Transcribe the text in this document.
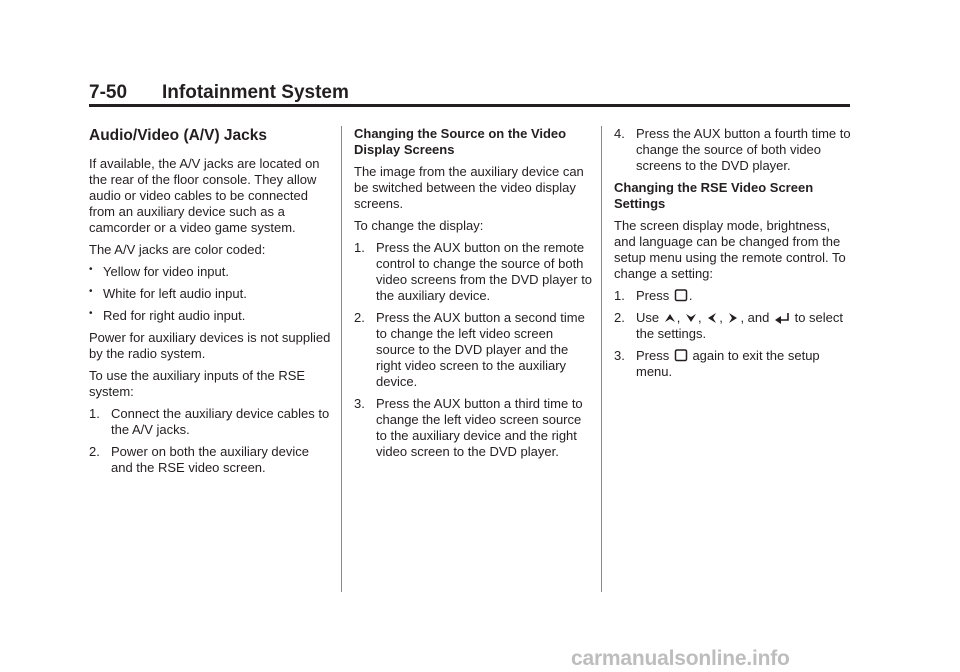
7-50 Infotainment System
Audio/Video (A/V) Jacks

If available, the A/V jacks are located on the rear of the floor console. They allow audio or video cables to be connected from an auxiliary device such as a camcorder or a video game system.

The A/V jacks are color coded:

• Yellow for video input.
• White for left audio input.
• Red for right audio input.

Power for auxiliary devices is not supplied by the radio system.

To use the auxiliary inputs of the RSE system:

1. Connect the auxiliary device cables to the A/V jacks.
2. Power on both the auxiliary device and the RSE video screen.

Changing the Source on the Video Display Screens

The image from the auxiliary device can be switched between the video display screens.

To change the display:

1. Press the AUX button on the remote control to change the source of both video screens from the DVD player to the auxiliary device.
2. Press the AUX button a second time to change the left video screen source to the DVD player and the right video screen to the auxiliary device.
3. Press the AUX button a third time to change the left video screen source to the auxiliary device and the right video screen to the DVD player.
4. Press the AUX button a fourth time to change the source of both video screens to the DVD player.

Changing the RSE Video Screen Settings

The screen display mode, brightness, and language can be changed from the setup menu using the remote control. To change a setting:

1. Press
.
2. Use
,
,
,
, and
to select the settings.
3. Press
again to exit the setup menu.
carmanualsonline.info
